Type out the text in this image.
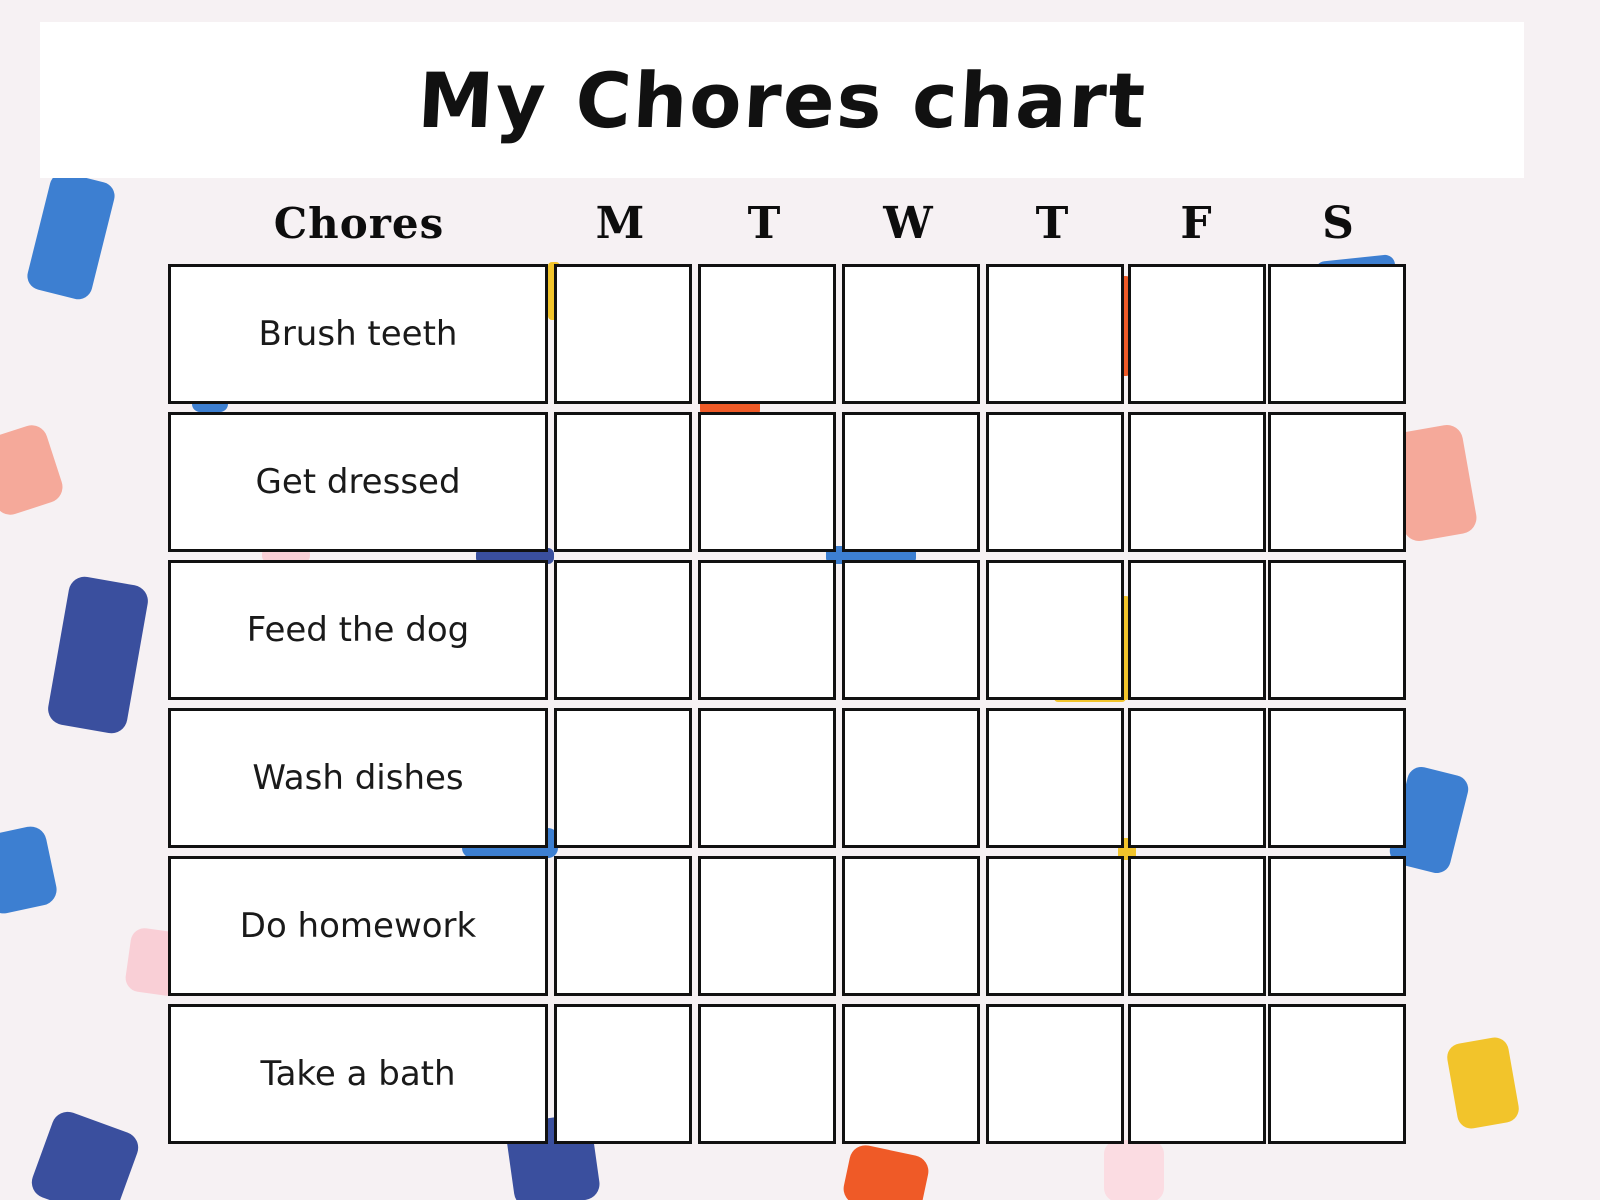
My Chores chart
Chores	M	T	W	T	F	S
Brush teeth
Get dressed
Feed the dog
Wash dishes
Do homework
Take a bath
